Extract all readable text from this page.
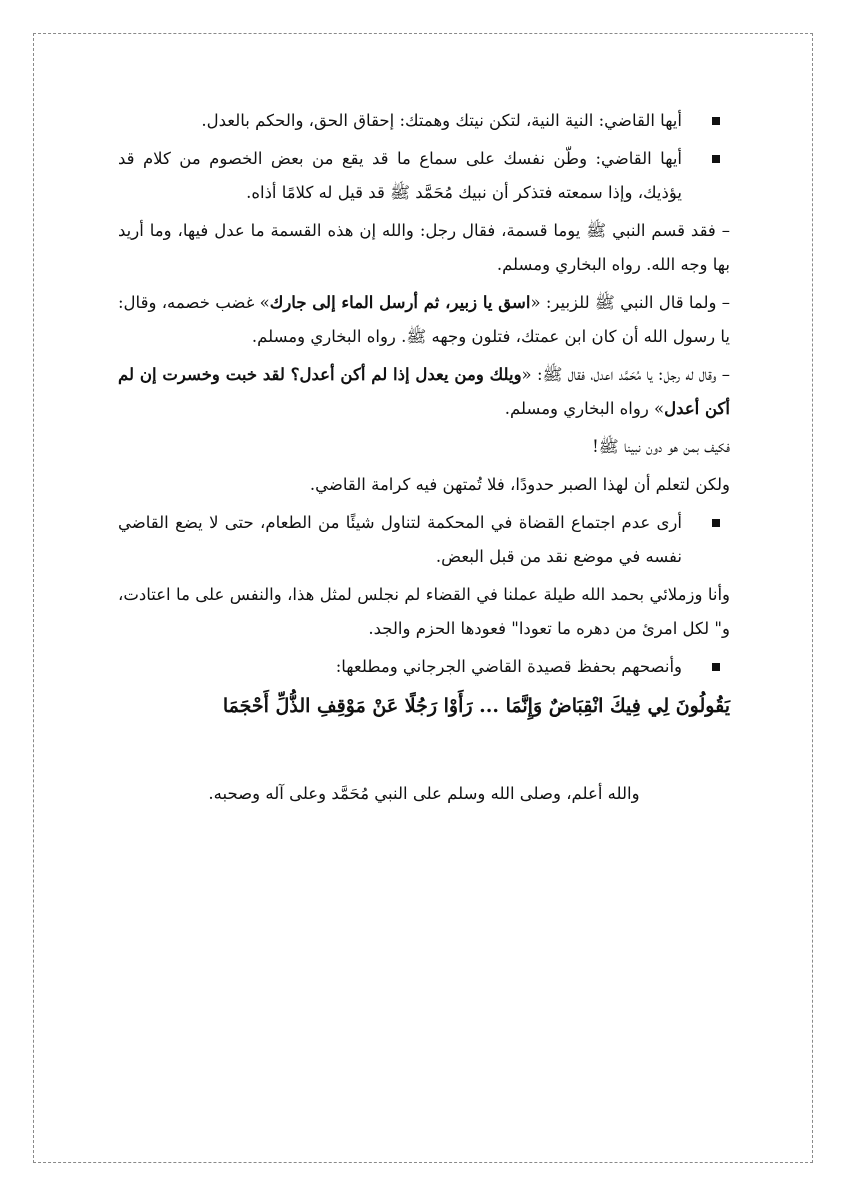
أيها القاضي: النية النية، لتكن نيتك وهمتك: إحقاق الحق، والحكم بالعدل.
أيها القاضي: وطّن نفسك على سماع ما قد يقع من بعض الخصوم من كلام قد يؤذيك، وإذا سمعته فتذكر أن نبيك مُحَمَّد ﷺ قد قيل له كلامًا أذاه.

– فقد قسم النبي ﷺ يوما قسمة، فقال رجل: والله إن هذه القسمة ما عدل فيها، وما أريد بها وجه الله. رواه البخاري ومسلم.

– ولما قال النبي ﷺ للزبير: «اسق يا زبير، ثم أرسل الماء إلى جارك» غضب خصمه، وقال: يا رسول الله أن كان ابن عمتك، فتلون وجهه ﷺ. رواه البخاري ومسلم.

– وقال له رجل: يا مُحَمَّد اعدل، فقال ﷺ: «ويلك ومن يعدل إذا لم أكن أعدل؟ لقد خبت وخسرت إن لم أكن أعدل» رواه البخاري ومسلم.

فكيف بمن هو دون نبينا ﷺ!

ولكن لتعلم أن لهذا الصبر حدودًا، فلا تُمتهن فيه كرامة القاضي.

أرى عدم اجتماع القضاة في المحكمة لتناول شيئًا من الطعام، حتى لا يضع القاضي نفسه في موضع نقد من قبل البعض.

وأنا وزملائي بحمد الله طيلة عملنا في القضاء لم نجلس لمثل هذا، والنفس على ما اعتادت، و" لكل امرئ من دهره ما تعودا" فعودها الحزم والجد.

وأنصحهم بحفظ قصيدة القاضي الجرجاني ومطلعها:

يَقُولُونَ لِي فِيكَ انْقِبَاضٌ وَإِنَّمَا ... رَأَوْا رَجُلًا عَنْ مَوْقِفِ الذُّلِّ أَحْجَمَا

والله أعلم، وصلى الله وسلم على النبي مُحَمَّد وعلى آله وصحبه.
